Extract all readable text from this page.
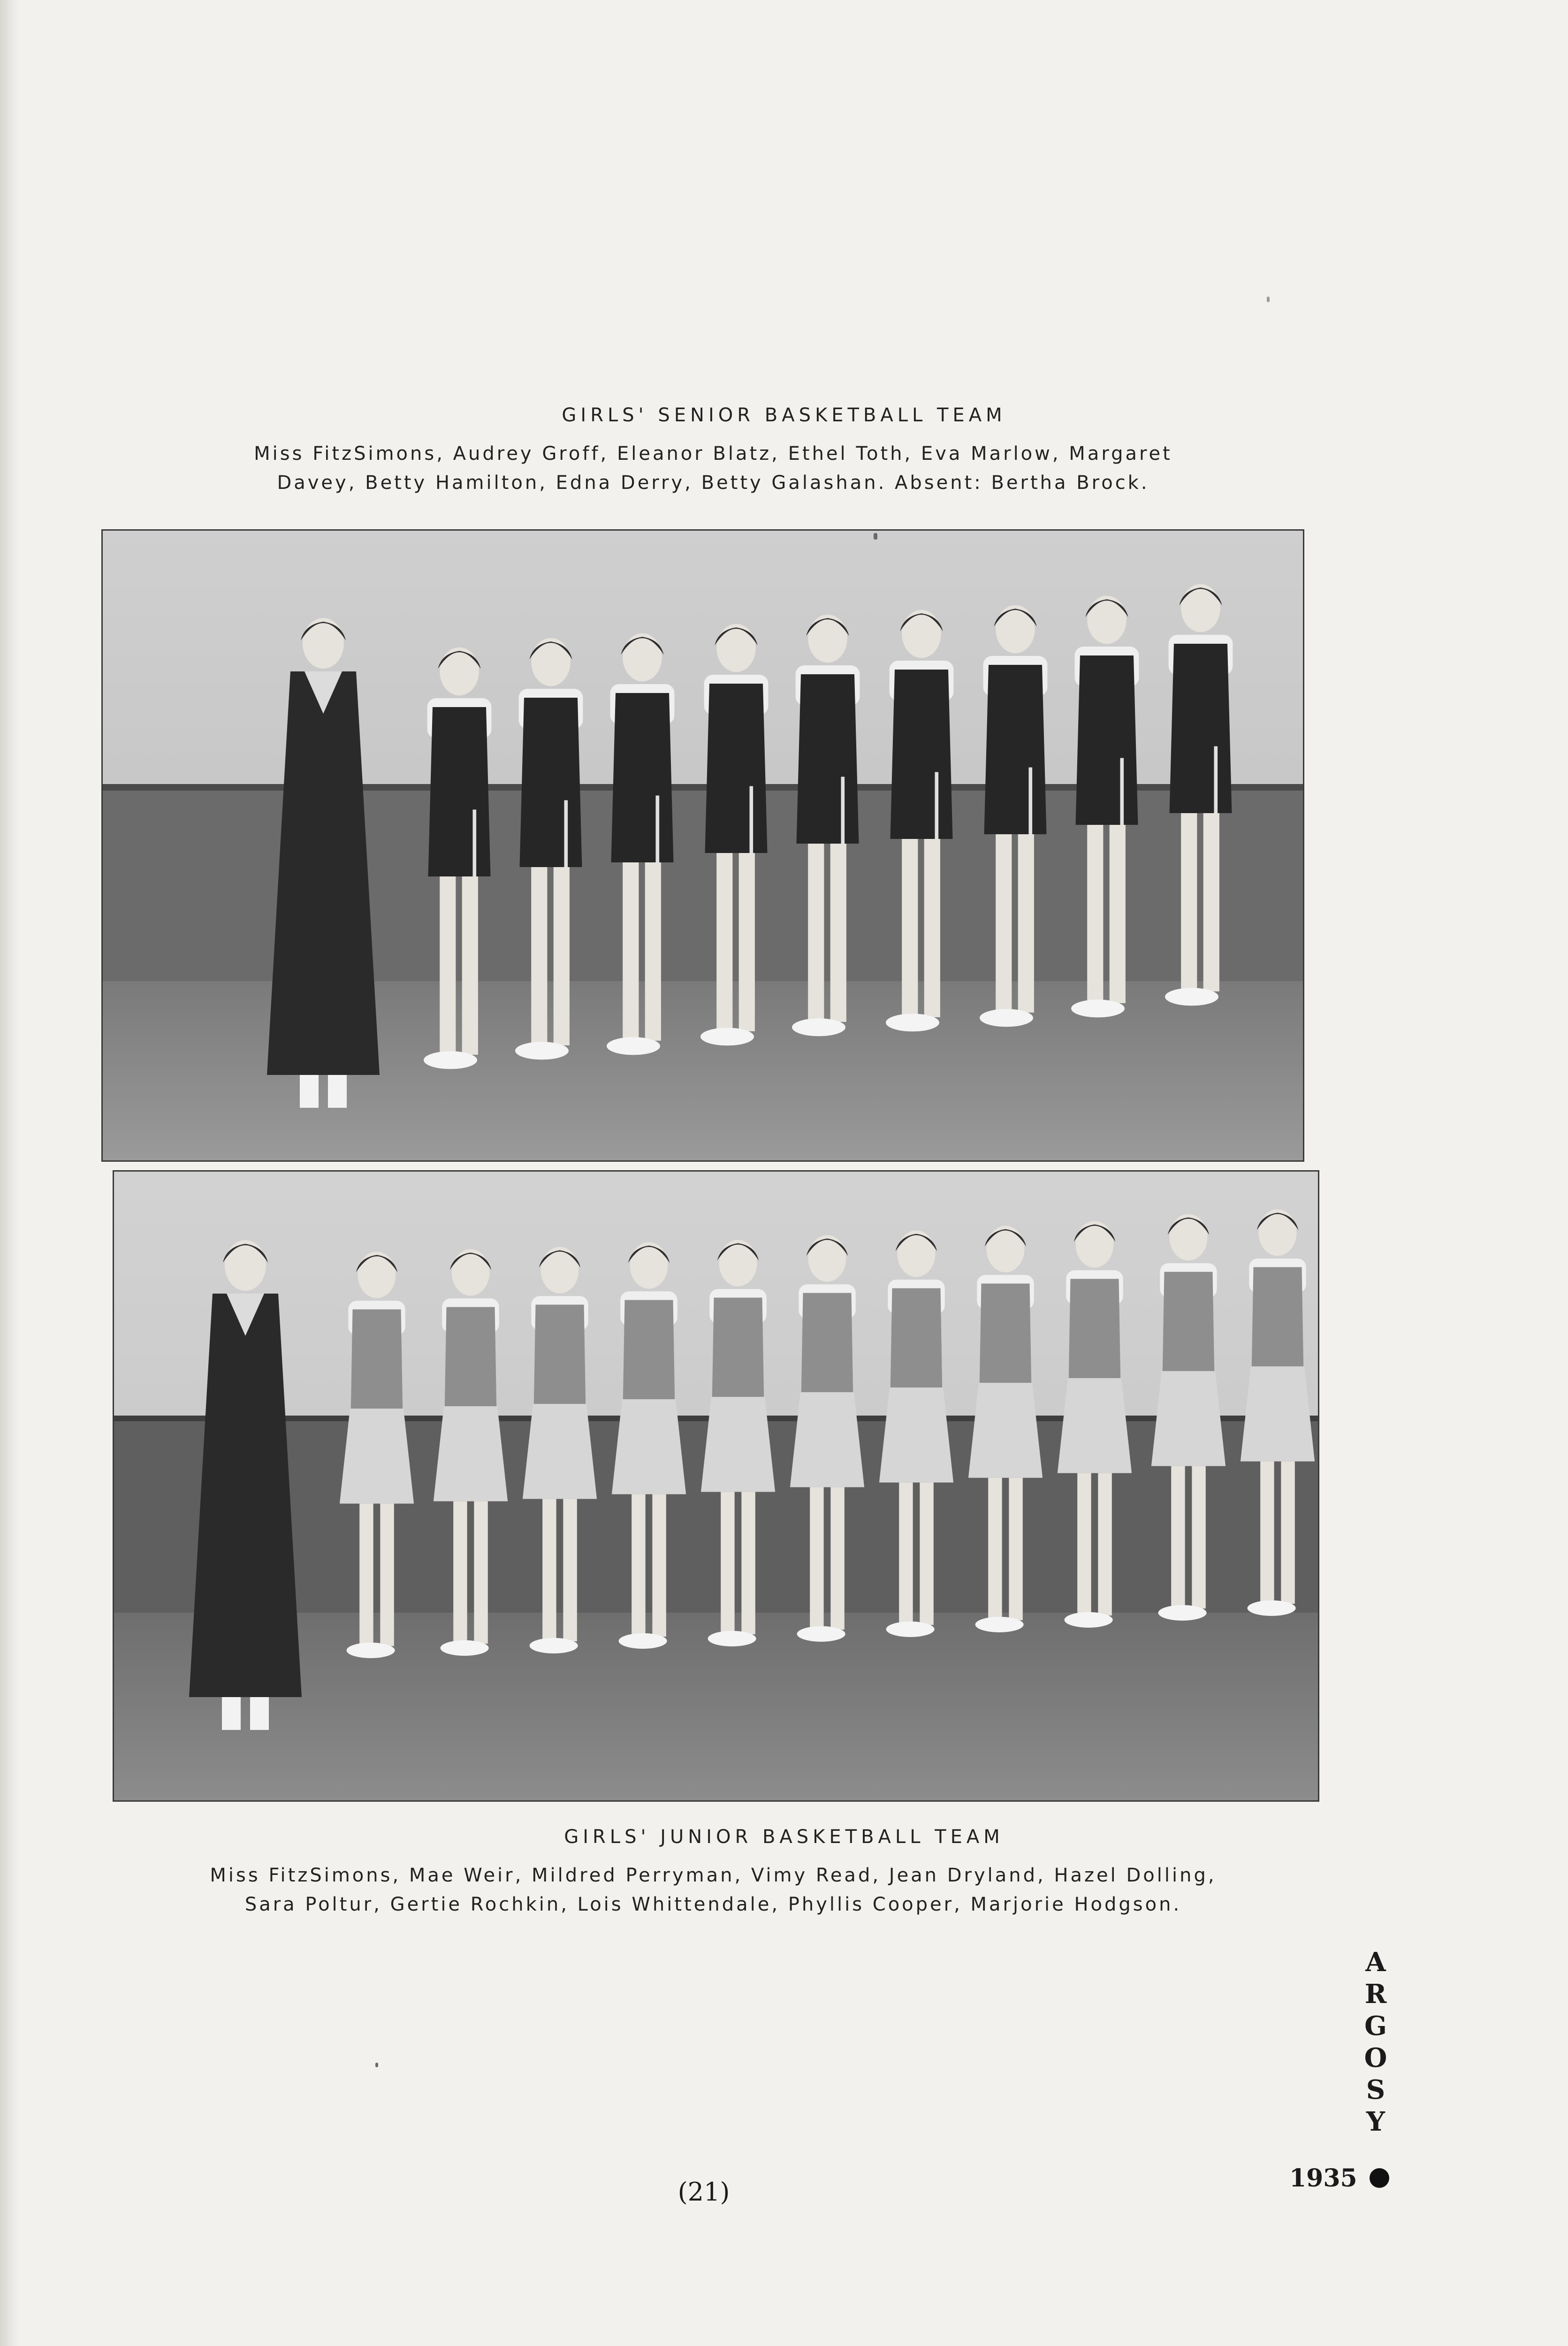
GIRLS' SENIOR BASKETBALL TEAM
Miss FitzSimons, Audrey Groff, Eleanor Blatz, Ethel Toth, Eva Marlow, Margaret
Davey, Betty Hamilton, Edna Derry, Betty Galashan. Absent: Bertha Brock.
GIRLS' JUNIOR BASKETBALL TEAM
Miss FitzSimons, Mae Weir, Mildred Perryman, Vimy Read, Jean Dryland, Hazel Dolling,
Sara Poltur, Gertie Rochkin, Lois Whittendale, Phyllis Cooper, Marjorie Hodgson.
A
R
G
O
S
Y
1935
(21)
